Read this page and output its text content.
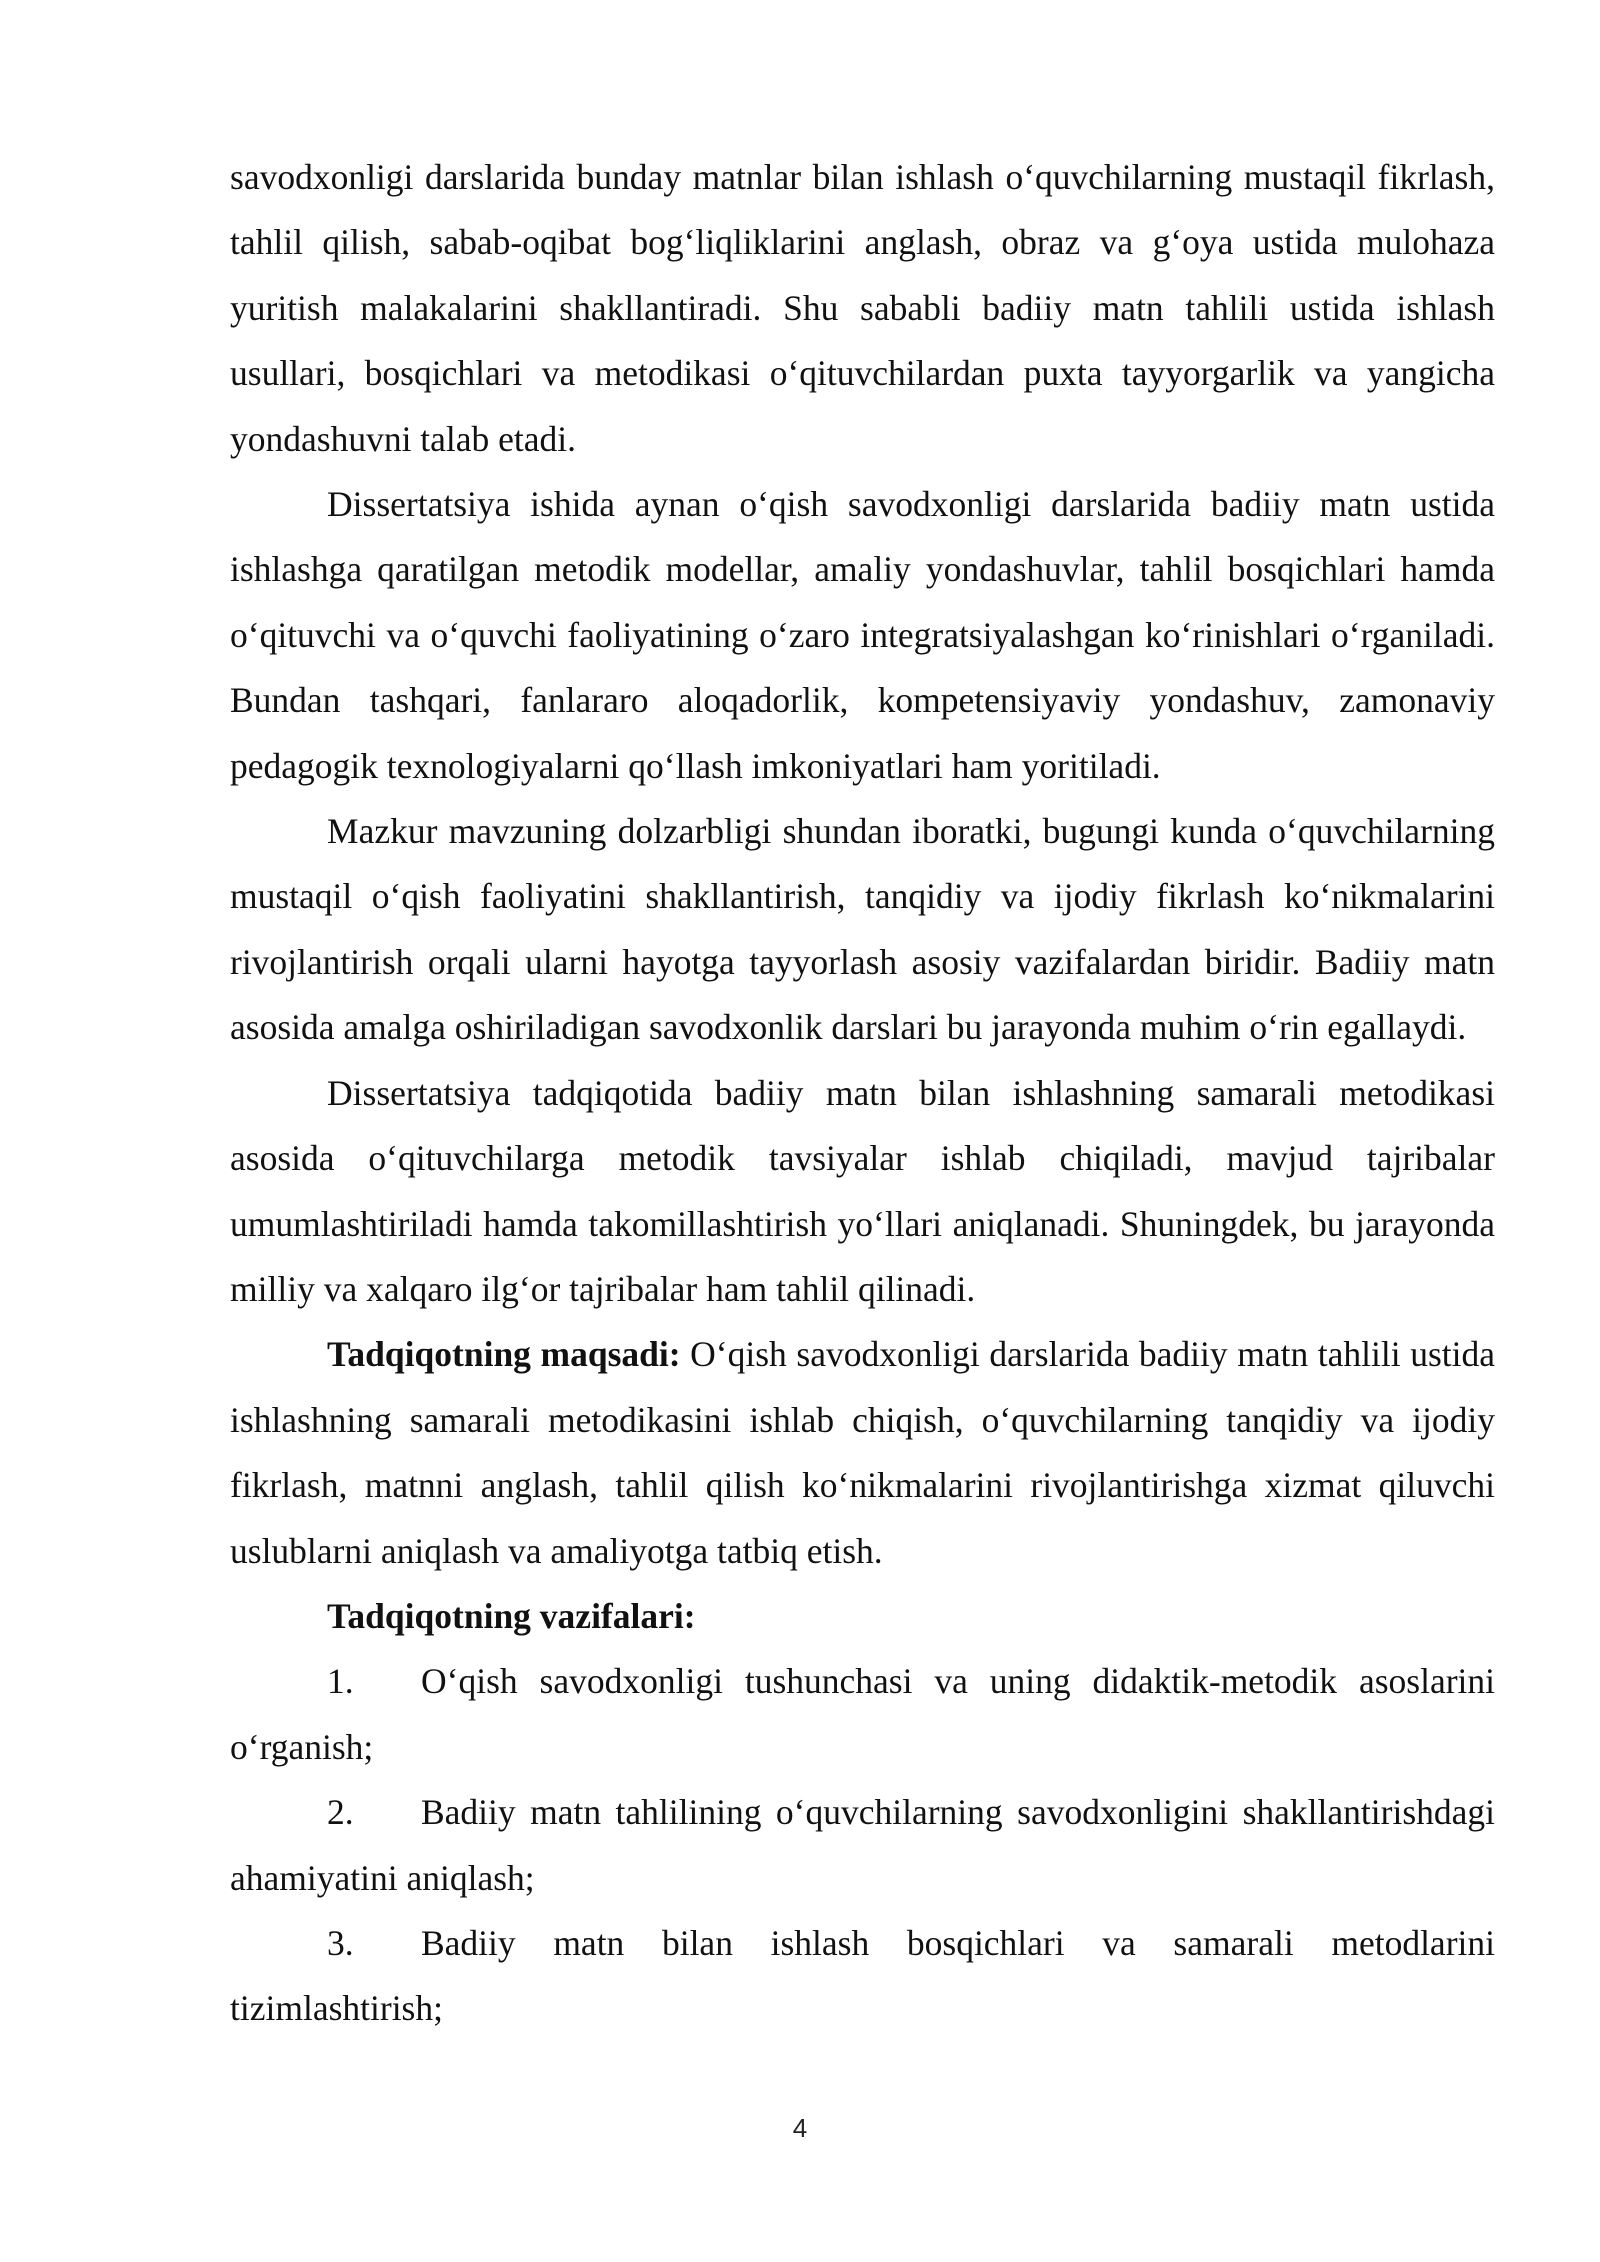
savodxonligi darslarida bunday matnlar bilan ishlash o‘quvchilarning mustaqil fikrlash, tahlil qilish, sabab-oqibat bog‘liqliklarini anglash, obraz va g‘oya ustida mulohaza yuritish malakalarini shakllantiradi. Shu sababli badiiy matn tahlili ustida ishlash usullari, bosqichlari va metodikasi o‘qituvchilardan puxta tayyorgarlik va yangicha yondashuvni talab etadi.

Dissertatsiya ishida aynan o‘qish savodxonligi darslarida badiiy matn ustida ishlashga qaratilgan metodik modellar, amaliy yondashuvlar, tahlil bosqichlari hamda o‘qituvchi va o‘quvchi faoliyatining o‘zaro integratsiyalashgan ko‘rinishlari o‘rganiladi. Bundan tashqari, fanlararo aloqadorlik, kompetensiyaviy yondashuv, zamonaviy pedagogik texnologiyalarni qo‘llash imkoniyatlari ham yoritiladi.

Mazkur mavzuning dolzarbligi shundan iboratki, bugungi kunda o‘quvchilarning mustaqil o‘qish faoliyatini shakllantirish, tanqidiy va ijodiy fikrlash ko‘nikmalarini rivojlantirish orqali ularni hayotga tayyorlash asosiy vazifalardan biridir. Badiiy matn asosida amalga oshiriladigan savodxonlik darslari bu jarayonda muhim o‘rin egallaydi.

Dissertatsiya tadqiqotida badiiy matn bilan ishlashning samarali metodikasi asosida o‘qituvchilarga metodik tavsiyalar ishlab chiqiladi, mavjud tajribalar umumlashtiriladi hamda takomillashtirish yo‘llari aniqlanadi. Shuningdek, bu jarayonda milliy va xalqaro ilg‘or tajribalar ham tahlil qilinadi.

Tadqiqotning maqsadi: O‘qish savodxonligi darslarida badiiy matn tahlili ustida ishlashning samarali metodikasini ishlab chiqish, o‘quvchilarning tanqidiy va ijodiy fikrlash, matnni anglash, tahlil qilish ko‘nikmalarini rivojlantirishga xizmat qiluvchi uslublarni aniqlash va amaliyotga tatbiq etish.

Tadqiqotning vazifalari:

1. O‘qish savodxonligi tushunchasi va uning didaktik-metodik asoslarini o‘rganish;

2. Badiiy matn tahlilining o‘quvchilarning savodxonligini shakllantirishdagi ahamiyatini aniqlash;

3. Badiiy matn bilan ishlash bosqichlari va samarali metodlarini tizimlashtirish;

4
